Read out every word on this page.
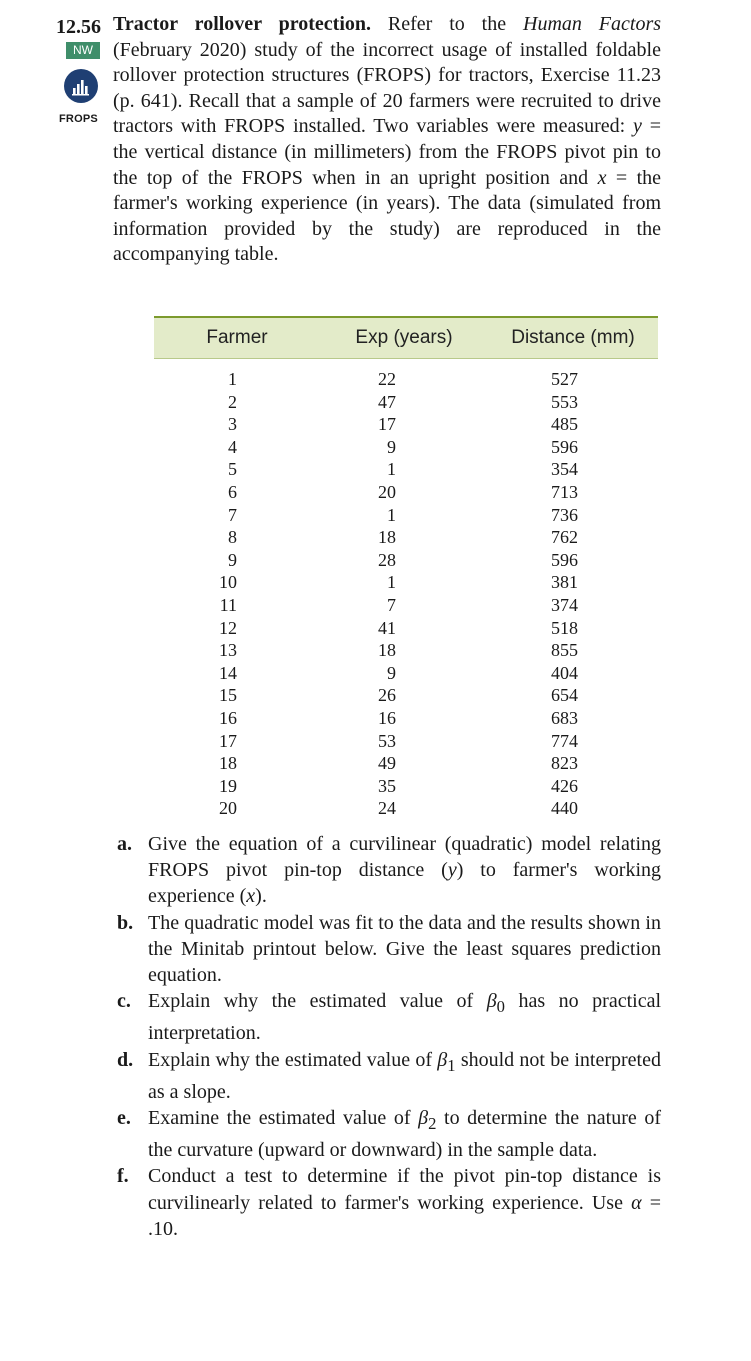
12.56
NW
FROPS

Tractor rollover protection. Refer to the Human Factors (February 2020) study of the incorrect usage of installed foldable rollover protection structures (FROPS) for tractors, Exercise 11.23 (p. 641). Recall that a sample of 20 farmers were recruited to drive tractors with FROPS installed. Two variables were measured: y = the vertical distance (in millimeters) from the FROPS pivot pin to the top of the FROPS when in an upright position and x = the farmer's working experience (in years). The data (simulated from information provided by the study) are reproduced in the accompanying table.

Farmer	Exp (years)	Distance (mm)
1	22	527
2	47	553
3	17	485
4	9	596
5	1	354
6	20	713
7	1	736
8	18	762
9	28	596
10	1	381
11	7	374
12	41	518
13	18	855
14	9	404
15	26	654
16	16	683
17	53	774
18	49	823
19	35	426
20	24	440
a. Give the equation of a curvilinear (quadratic) model relating FROPS pivot pin-top distance (y) to farmer's working experience (x).
b. The quadratic model was fit to the data and the results shown in the Minitab printout below. Give the least squares prediction equation.
c. Explain why the estimated value of $\beta_0$ has no practical interpretation.
d. Explain why the estimated value of $\beta_1$ should not be interpreted as a slope.
e. Examine the estimated value of $\beta_2$ to determine the nature of the curvature (upward or downward) in the sample data.
f. Conduct a test to determine if the pivot pin-top distance is curvilinearly related to farmer's working experience. Use α = .10.
